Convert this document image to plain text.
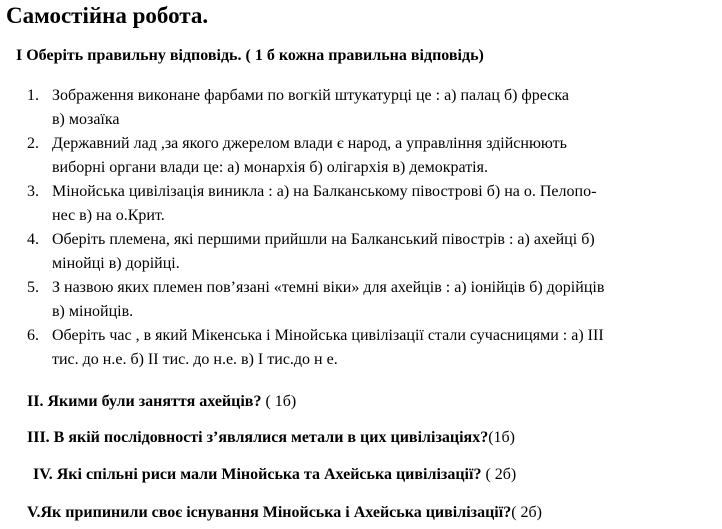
Самостійна робота.

І Оберіть правильну відповідь. ( 1 б кожна правильна відповідь)

1. Зображення виконане фарбами по вогкій штукатурці це : а) палац б) фреска
в) мозаїка
2. Державний лад ,за якого джерелом влади є народ, а управління здійснюють
виборні органи влади це: а) монархія б) олігархія в) демократія.
3. Мінойська цивілізація виникла : а) на Балканському півострові б) на о. Пелопо-
нес в) на о.Крит.
4. Оберіть племена, які першими прийшли на Балканський півострів : а) ахейці б)
мінойці в) дорійці.
5. З назвою яких племен пов’язані «темні віки» для ахейців : а) іонійців б) дорійців
в) мінойців.
6. Оберіть час , в який Мікенська і Мінойська цивілізації стали сучасницями : а) ІІІ
тис. до н.е. б) ІІ тис. до н.е. в) І тис.до н е.

ІІ. Якими були заняття ахейців? ( 1б)

ІІІ. В якій послідовності з’являлися метали в цих цивілізаціях?(1б)

IV. Які спільні риси мали Мінойська та Ахейська цивілізації? ( 2б)

V.Як припинили своє існування Мінойська і Ахейська цивілізації?( 2б)
